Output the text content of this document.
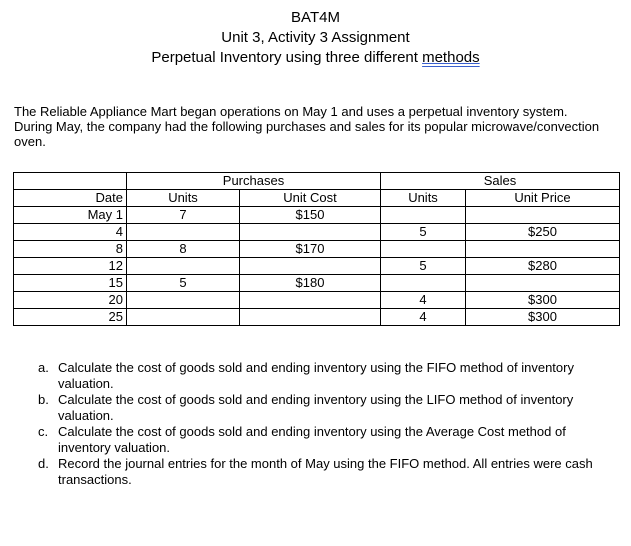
BAT4M
Unit 3, Activity 3 Assignment
Perpetual Inventory using three different methods
The Reliable Appliance Mart began operations on May 1 and uses a perpetual inventory system. During May, the company had the following purchases and sales for its popular microwave/convection oven.
	Purchases		Sales	
Date	Units	Unit Cost	Units	Unit Price
May 1	7	$150		
4			5	$250
8	8	$170		
12			5	$280
15	5	$180		
20			4	$300
25			4	$300
a. Calculate the cost of goods sold and ending inventory using the FIFO method of inventory valuation.
b. Calculate the cost of goods sold and ending inventory using the LIFO method of inventory valuation.
c. Calculate the cost of goods sold and ending inventory using the Average Cost method of inventory valuation.
d. Record the journal entries for the month of May using the FIFO method. All entries were cash transactions.
